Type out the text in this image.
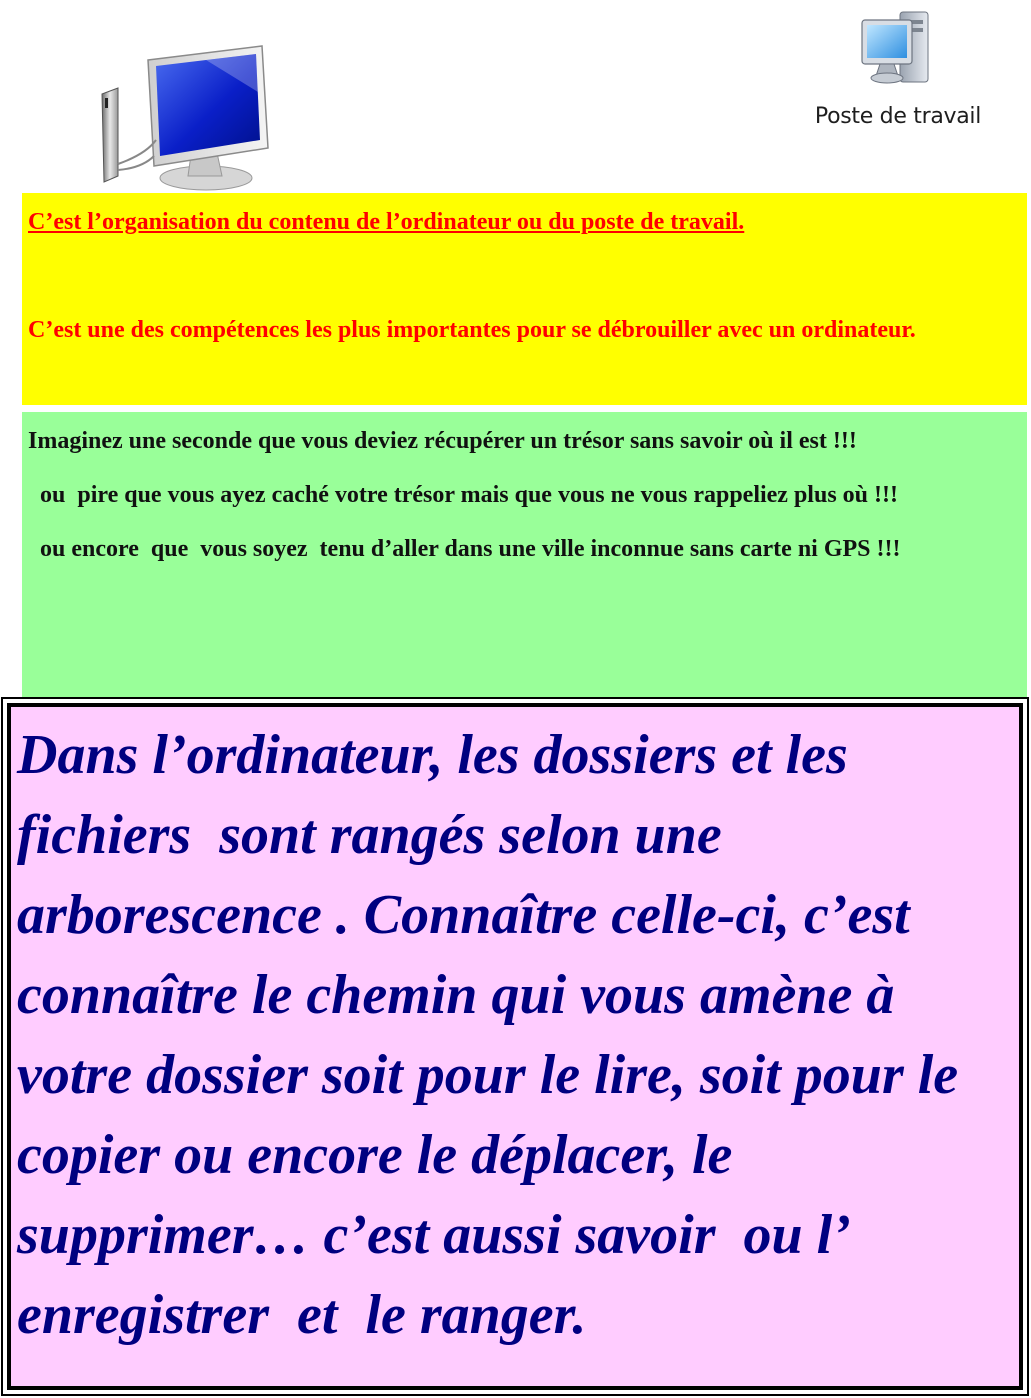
Poste de travail

C’est l’organisation du contenu de l’ordinateur ou du poste de travail.

C’est une des compétences les plus importantes pour se débrouiller avec un ordinateur.

Imaginez une seconde que vous deviez récupérer un trésor sans savoir où il est !!!

ou  pire que vous ayez caché votre trésor mais que vous ne vous rappeliez plus où !!!

ou encore  que  vous soyez  tenu d’aller dans une ville inconnue sans carte ni GPS !!!

Dans l’ordinateur, les dossiers et les fichiers  sont rangés selon une arborescence . Connaître celle-ci, c’est connaître le chemin qui vous amène à votre dossier soit pour le lire, soit pour le copier ou encore le déplacer, le supprimer… c’est aussi savoir  ou l’ enregistrer  et  le ranger.
